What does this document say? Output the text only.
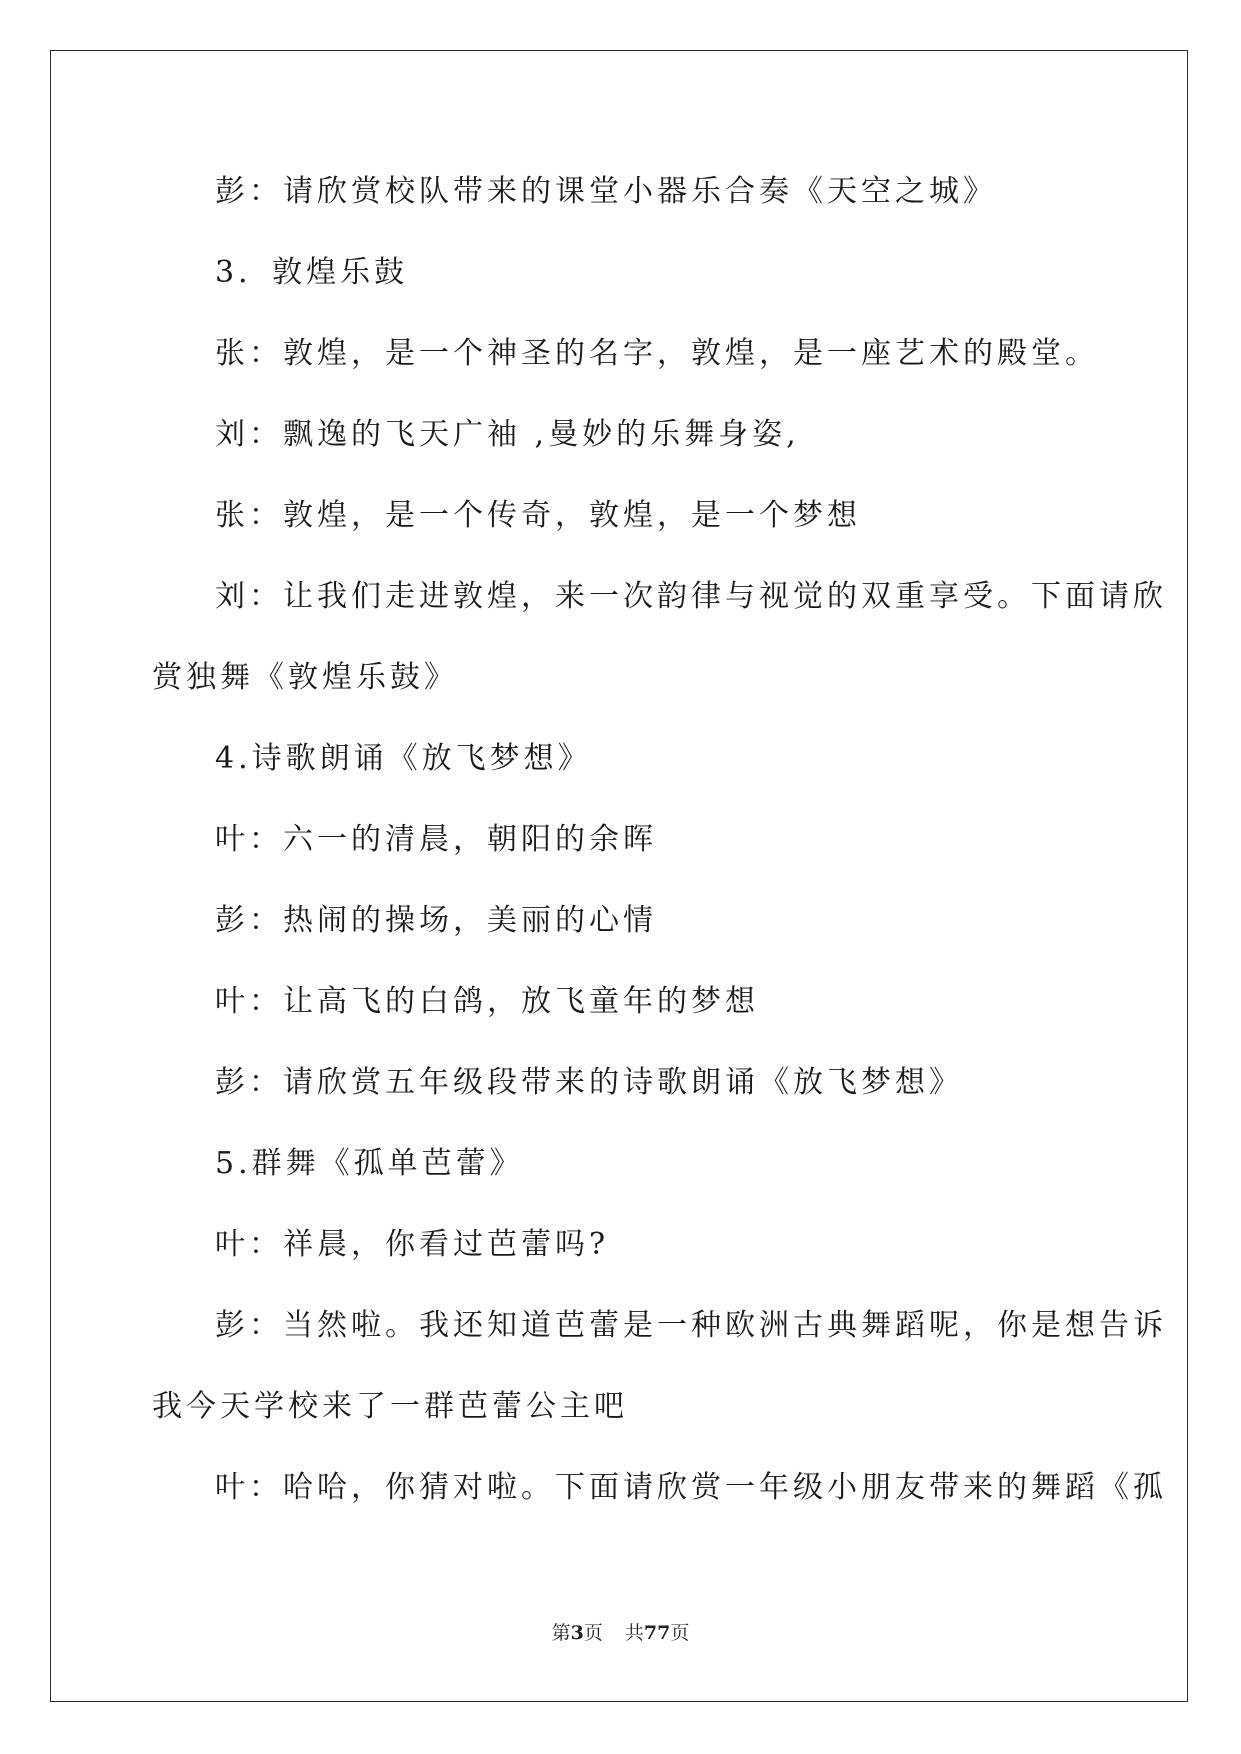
彭：请欣赏校队带来的课堂小器乐合奏《天空之城》
3．敦煌乐鼓
张：敦煌，是一个神圣的名字，敦煌，是一座艺术的殿堂。
刘：飘逸的飞天广袖 ,曼妙的乐舞身姿,
张：敦煌，是一个传奇，敦煌，是一个梦想
刘：让我们走进敦煌，来一次韵律与视觉的双重享受。下面请欣
赏独舞《敦煌乐鼓》
4.诗歌朗诵《放飞梦想》
叶：六一的清晨，朝阳的余晖
彭：热闹的操场，美丽的心情
叶：让高飞的白鸽，放飞童年的梦想
彭：请欣赏五年级段带来的诗歌朗诵《放飞梦想》
5.群舞《孤单芭蕾》
叶：祥晨，你看过芭蕾吗?
彭：当然啦。我还知道芭蕾是一种欧洲古典舞蹈呢，你是想告诉
我今天学校来了一群芭蕾公主吧
叶：哈哈，你猜对啦。下面请欣赏一年级小朋友带来的舞蹈《孤
第3页 共77页
